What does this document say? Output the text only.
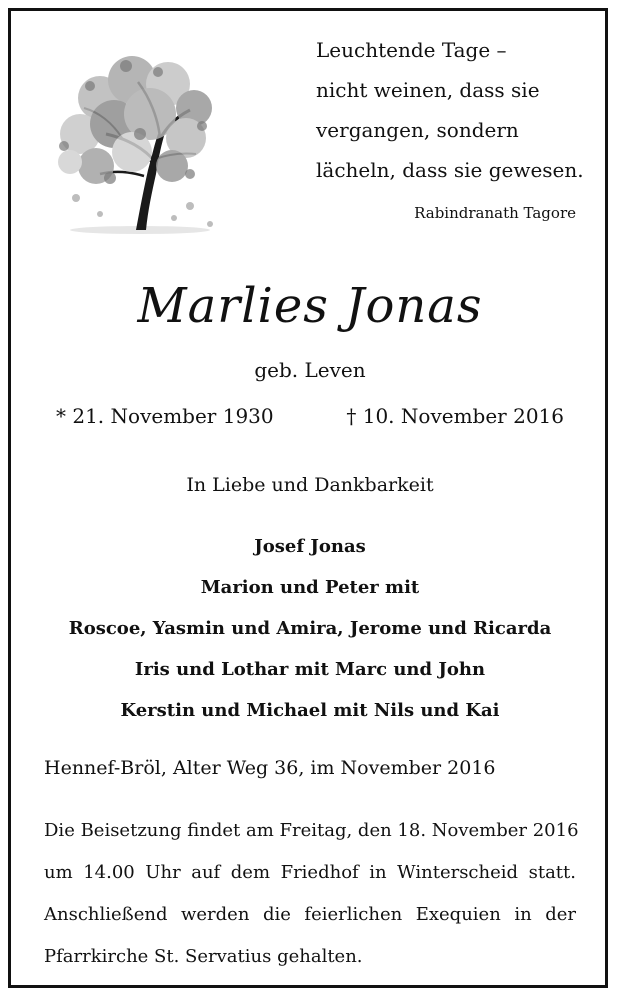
Leuchtende Tage –
nicht weinen, dass sie
vergangen, sondern
lächeln, dass sie gewesen.
Rabindranath Tagore
Marlies Jonas
geb. Leven
* 21. November 1930	† 10. November 2016
In Liebe und Dankbarkeit
Josef Jonas
Marion und Peter mit
Roscoe, Yasmin und Amira, Jerome und Ricarda
Iris und Lothar mit Marc und John
Kerstin und Michael mit Nils und Kai
Hennef-Bröl, Alter Weg 36, im November 2016
Die Beisetzung findet am Freitag, den 18. November 2016
um 14.00 Uhr auf dem Friedhof in Winterscheid statt.
Anschließend werden die feierlichen Exequien in der
Pfarrkirche St. Servatius gehalten.
